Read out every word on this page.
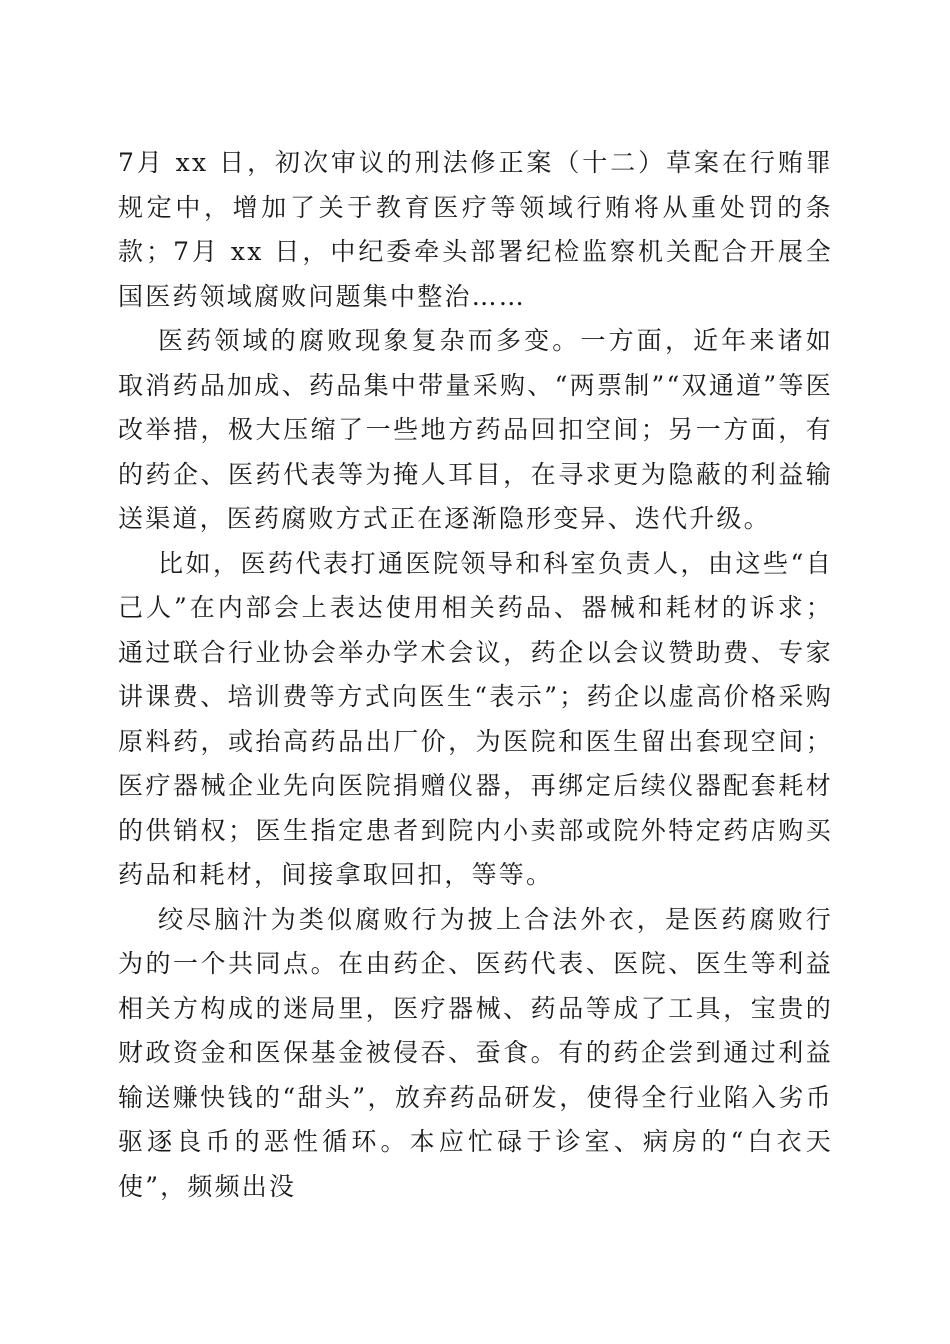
7月 xx 日，初次审议的刑法修正案（十二）草案在行贿罪规定中，增加了关于教育医疗等领域行贿将从重处罚的条款；7月 xx 日，中纪委牵头部署纪检监察机关配合开展全国医药领域腐败问题集中整治……

医药领域的腐败现象复杂而多变。一方面，近年来诸如取消药品加成、药品集中带量采购、“两票制”“双通道”等医改举措，极大压缩了一些地方药品回扣空间；另一方面，有的药企、医药代表等为掩人耳目，在寻求更为隐蔽的利益输送渠道，医药腐败方式正在逐渐隐形变异、迭代升级。

比如，医药代表打通医院领导和科室负责人，由这些“自己人”在内部会上表达使用相关药品、器械和耗材的诉求；通过联合行业协会举办学术会议，药企以会议赞助费、专家讲课费、培训费等方式向医生“表示”；药企以虚高价格采购原料药，或抬高药品出厂价，为医院和医生留出套现空间；医疗器械企业先向医院捐赠仪器，再绑定后续仪器配套耗材的供销权；医生指定患者到院内小卖部或院外特定药店购买药品和耗材，间接拿取回扣，等等。

绞尽脑汁为类似腐败行为披上合法外衣，是医药腐败行为的一个共同点。在由药企、医药代表、医院、医生等利益相关方构成的迷局里，医疗器械、药品等成了工具，宝贵的财政资金和医保基金被侵吞、蚕食。有的药企尝到通过利益输送赚快钱的“甜头”，放弃药品研发，使得全行业陷入劣币驱逐良币的恶性循环。本应忙碌于诊室、病房的“白衣天使”，频频出没
